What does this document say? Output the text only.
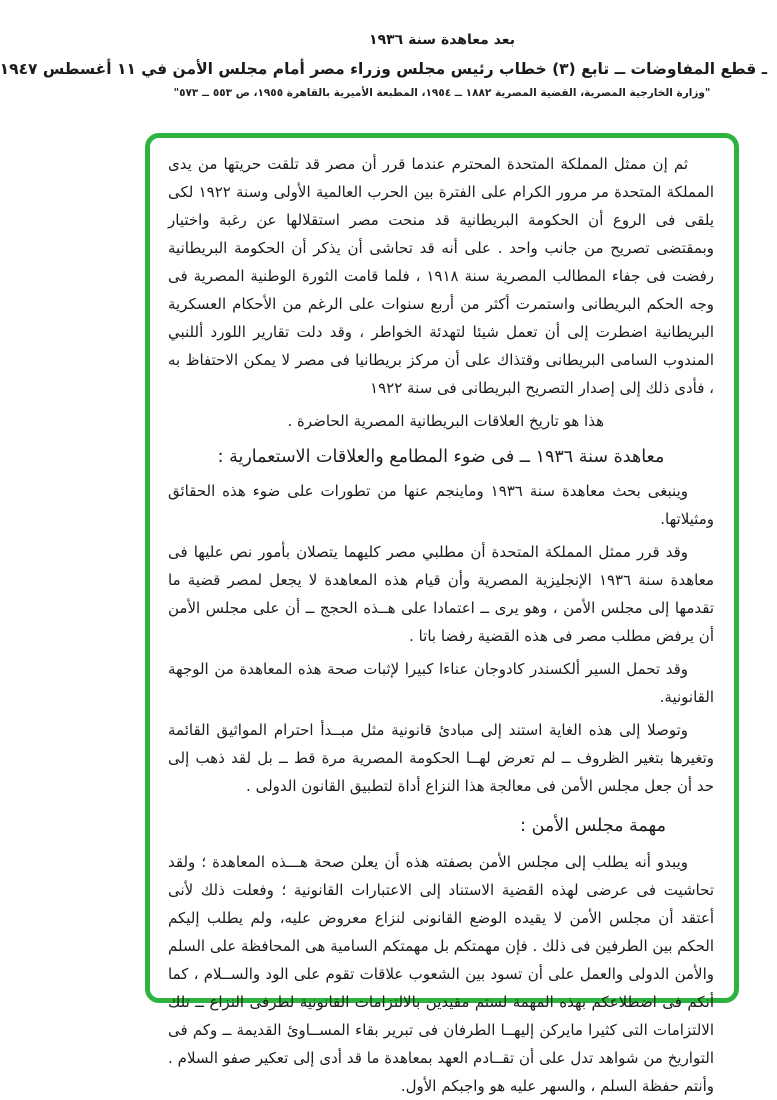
بعد معاهدة سنة ١٩٣٦
ـ قطع المفاوضات ــ تابع (٣) خطاب رئيس مجلس وزراء مصر أمام مجلس الأمن في ١١ أغسطس ١٩٤٧
"وزارة الخارجية المصرية، القضية المصرية ١٨٨٢ ــ ١٩٥٤، المطبعة الأميرية بالقاهرة ١٩٥٥، ص ٥٥٣ ــ ٥٧٣"

ثم إن ممثل المملكة المتحدة المحترم عندما قرر أن مصر قد تلقت حريتها من يدى المملكة المتحدة مر مرور الكرام على الفترة بين الحرب العالمية الأولى وسنة ١٩٢٢ لكى يلقى فى الروع أن الحكومة البريطانية قد منحت مصر استقلالها عن رغبة واختيار وبمقتضى تصريح من جانب واحد . على أنه قد تحاشى أن يذكر أن الحكومة البريطانية رفضت فى جفاء المطالب المصرية سنة ١٩١٨ ، فلما قامت الثورة الوطنية المصرية فى وجه الحكم البريطانى واستمرت أكثر من أربع سنوات على الرغم من الأحكام العسكرية البريطانية اضطرت إلى أن تعمل شيئا لتهدئة الخواطر ، وقد دلت تقارير اللورد أللنبي المندوب السامى البريطانى وقتذاك على أن مركز بريطانيا فى مصر لا يمكن الاحتفاظ به ، فأدى ذلك إلى إصدار التصريح البريطانى فى سنة ١٩٢٢

هذا هو تاريخ العلاقات البريطانية المصرية الحاضرة .

معاهدة سنة ١٩٣٦ ــ فى ضوء المطامع والعلاقات الاستعمارية :

وينبغى بحث معاهدة سنة ١٩٣٦ وماينجم عنها من تطورات على ضوء هذه الحقائق ومثيلاتها.

وقد قرر ممثل المملكة المتحدة أن مطلبي مصر كليهما يتصلان بأمور نص عليها فى معاهدة سنة ١٩٣٦ الإنجليزية المصرية وأن قيام هذه المعاهدة لا يجعل لمصر قضية ما تقدمها إلى مجلس الأمن ، وهو يرى ــ اعتمادا على هــذه الحجج ــ أن على مجلس الأمن أن يرفض مطلب مصر فى هذه القضية رفضا باتا .

وقد تحمل السير ألكسندر كادوجان عناءا كبيرا لإثبات صحة هذه المعاهدة من الوجهة القانونية.

وتوصلا إلى هذه الغاية استند إلى مبادئ قانونية مثل مبــدأ احترام المواثيق القائمة وتغيرها بتغير الظروف ــ لم تعرض لهــا الحكومة المصرية مرة قط ــ بل لقد ذهب إلى حد أن جعل مجلس الأمن فى معالجة هذا النزاع أداة لتطبيق القانون الدولى .

مهمة مجلس الأمن :

ويبدو أنه يطلب إلى مجلس الأمن بصفته هذه أن يعلن صحة هـــذه المعاهدة ؛ ولقد تحاشيت فى عرضى لهذه القضية الاستناد إلى الاعتبارات القانونية ؛ وفعلت ذلك لأنى أعتقد أن مجلس الأمن لا يقيده الوضع القانونى لنزاع معروض عليه، ولم يطلب إليكم الحكم بين الطرفين فى ذلك . فإن مهمتكم بل مهمتكم السامية هى المحافظة على السلم والأمن الدولى والعمل على أن تسود بين الشعوب علاقات تقوم على الود والســلام ، كما أنكم فى اضطلاعكم بهذه المهمة لستم مقيدين بالالتزامات القانونية لطرفى النزاع ــ تلك الالتزامات التى كثيرا مايركن إليهــا الطرفان فى تبرير بقاء المســاوئ القديمة ــ وكم فى التواريخ من شواهد تدل على أن تقــادم العهد بمعاهدة ما قد أدى إلى تعكير صفو السلام . وأنتم حفظة السلم ، والسهر عليه هو واجبكم الأول.
